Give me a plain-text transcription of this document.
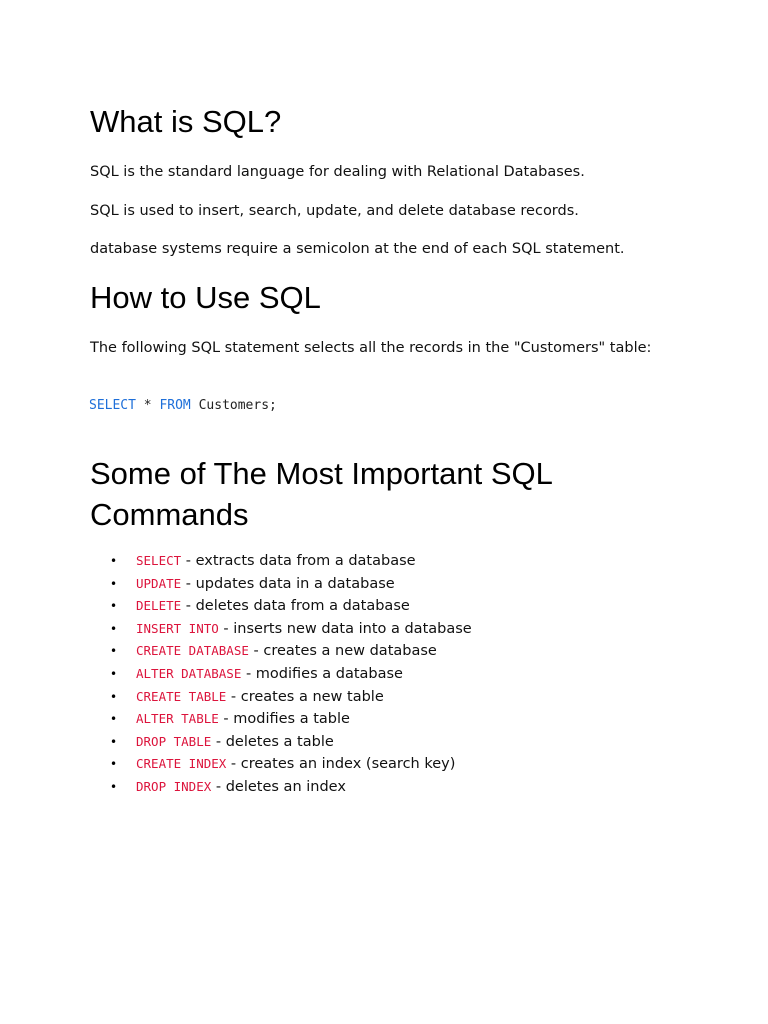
What is SQL?

SQL is the standard language for dealing with Relational Databases.

SQL is used to insert, search, update, and delete database records.

database systems require a semicolon at the end of each SQL statement.

How to Use SQL

The following SQL statement selects all the records in the "Customers" table:

SELECT * FROM Customers;
Some of The Most Important SQL
Commands
• SELECT - extracts data from a database
• UPDATE - updates data in a database
• DELETE - deletes data from a database
• INSERT INTO - inserts new data into a database
• CREATE DATABASE - creates a new database
• ALTER DATABASE - modifies a database
• CREATE TABLE - creates a new table
• ALTER TABLE - modifies a table
• DROP TABLE - deletes a table
• CREATE INDEX - creates an index (search key)
• DROP INDEX - deletes an index
